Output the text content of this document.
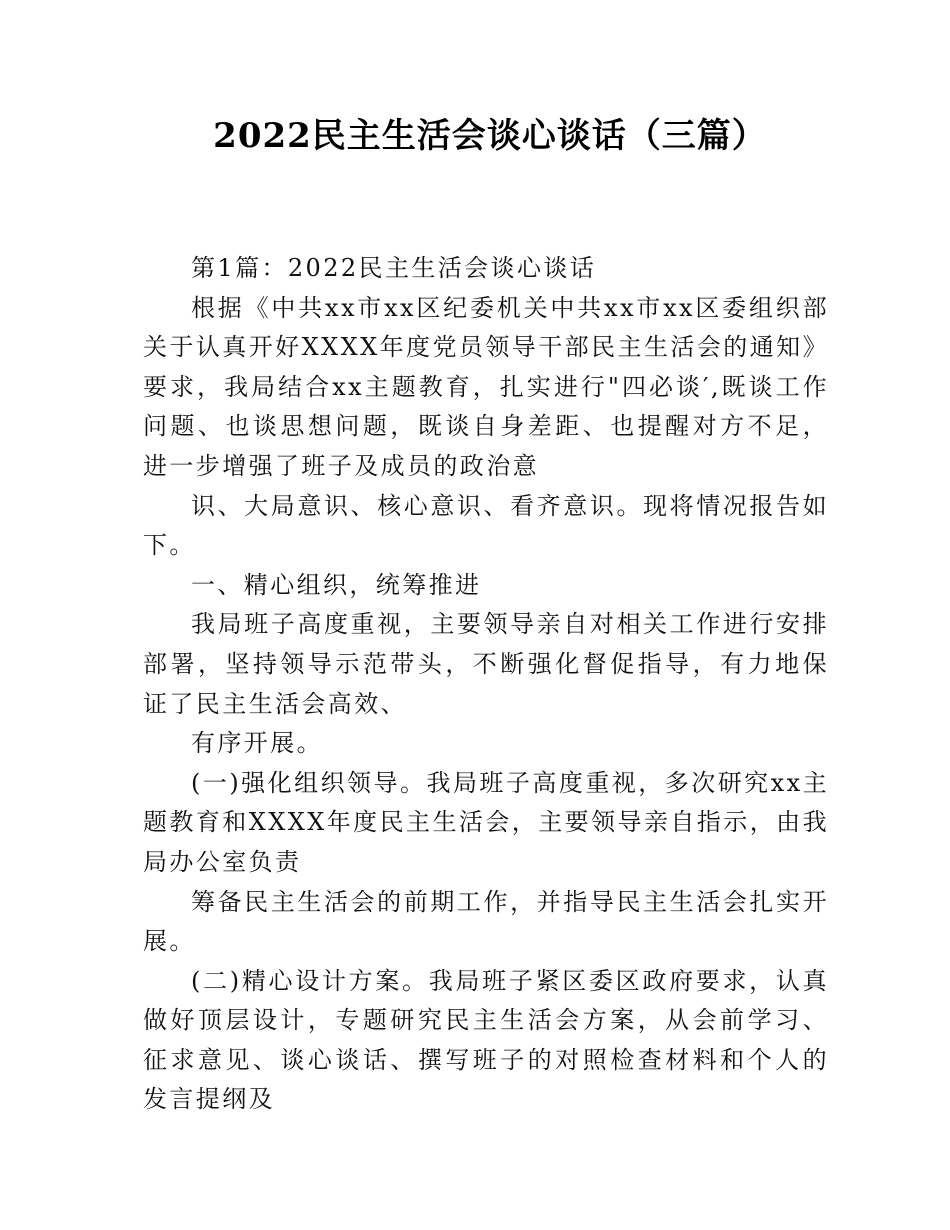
2022民主生活会谈心谈话（三篇）

第1篇：2022民主生活会谈心谈话

根据《中共xx市xx区纪委机关中共xx市xx区委组织部关于认真开好XXXX年度党员领导干部民主生活会的通知》要求，我局结合xx主题教育，扎实进行"四必谈′,既谈工作问题、也谈思想问题，既谈自身差距、也提醒对方不足，进一步增强了班子及成员的政治意

识、大局意识、核心意识、看齐意识。现将情况报告如下。

一、精心组织，统筹推进

我局班子高度重视，主要领导亲自对相关工作进行安排部署，坚持领导示范带头，不断强化督促指导，有力地保证了民主生活会高效、

有序开展。

(一)强化组织领导。我局班子高度重视，多次研究xx主题教育和XXXX年度民主生活会，主要领导亲自指示，由我局办公室负责

筹备民主生活会的前期工作，并指导民主生活会扎实开展。

(二)精心设计方案。我局班子紧区委区政府要求，认真做好顶层设计，专题研究民主生活会方案，从会前学习、征求意见、谈心谈话、撰写班子的对照检查材料和个人的发言提纲及
